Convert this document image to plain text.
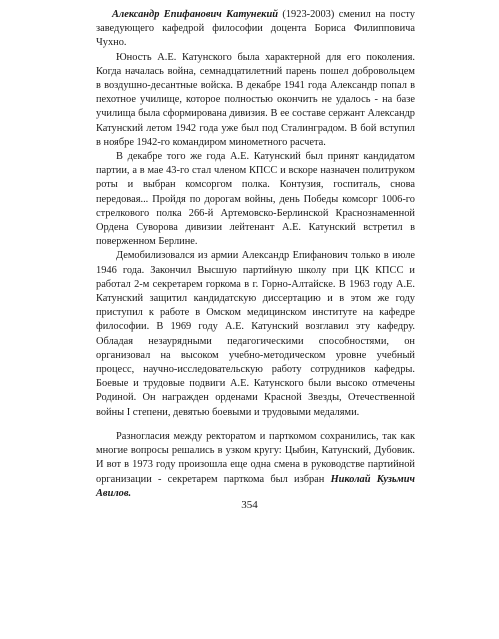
Александр Епифанович Катунекий (1923-2003) сменил на посту заведующего кафедрой философии доцента Бориса Филипповича Чухно.

Юность А.Е. Катунского была характерной для его поколения. Когда началась война, семнадцатилетний парень пошел добровольцем в воздушно-десантные войска. В декабре 1941 года Александр попал в пехотное училище, которое полностью окончить не удалось - на базе училища была сформирована дивизия. В ее составе сержант Александр Катунский летом 1942 года уже был под Сталинградом. В бой вступил в ноябре 1942-го командиром минометного расчета.

В декабре того же года А.Е. Катунский был принят кандидатом партии, а в мае 43-го стал членом КПСС и вскоре назначен политруком роты и выбран комсоргом полка. Контузия, госпиталь, снова передовая... Пройдя по дорогам войны, день Победы комсорг 1006-го стрелкового полка 266-й Артемовско-Берлинской Краснознаменной Ордена Суворова дивизии лейтенант А.Е. Катунский встретил в поверженном Берлине.

Демобилизовался из армии Александр Епифанович только в июле 1946 года. Закончил Высшую партийную школу при ЦК КПСС и работал 2-м секретарем горкома в г. Горно-Алтайске. В 1963 году А.Е. Катунский защитил кандидатскую диссертацию и в этом же году приступил к работе в Омском медицинском институте на кафедре философии. В 1969 году А.Е. Катунский возглавил эту кафедру. Обладая незаурядными педагогическими способностями, он организовал на высоком учебно-методическом уровне учебный процесс, научно-исследовательскую работу сотрудников кафедры. Боевые и трудовые подвиги А.Е. Катунского были высоко отмечены Родиной. Он награжден орденами Красной Звезды, Отечественной войны I степени, девятью боевыми и трудовыми медалями.

Разногласия между ректоратом и парткомом сохранились, так как многие вопросы решались в узком кругу: Цыбин, Катунский, Дубовик. И вот в 1973 году произошла еще одна смена в руководстве партийной организации - секретарем парткома был избран Николай Кузьмич Авилов.

354
